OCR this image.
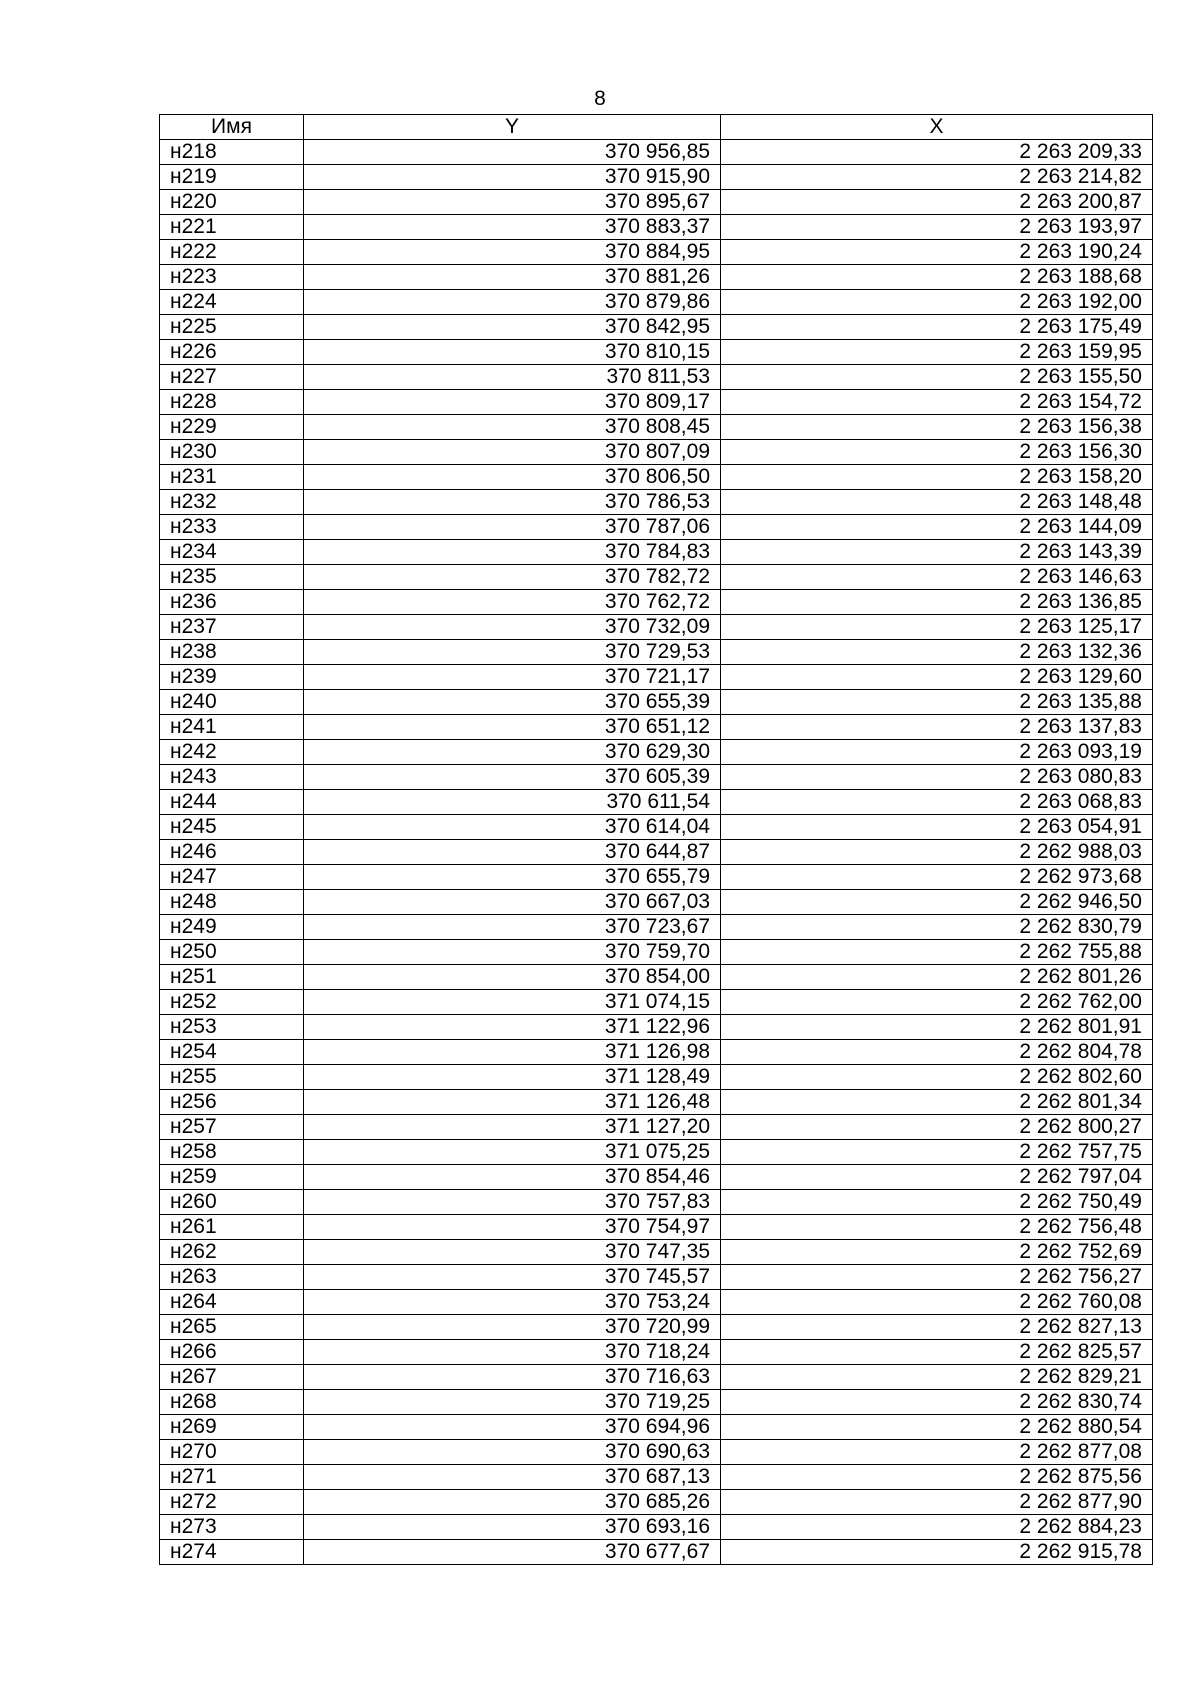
8
Имя	Y	X
н218	370 956,85	2 263 209,33
н219	370 915,90	2 263 214,82
н220	370 895,67	2 263 200,87
н221	370 883,37	2 263 193,97
н222	370 884,95	2 263 190,24
н223	370 881,26	2 263 188,68
н224	370 879,86	2 263 192,00
н225	370 842,95	2 263 175,49
н226	370 810,15	2 263 159,95
н227	370 811,53	2 263 155,50
н228	370 809,17	2 263 154,72
н229	370 808,45	2 263 156,38
н230	370 807,09	2 263 156,30
н231	370 806,50	2 263 158,20
н232	370 786,53	2 263 148,48
н233	370 787,06	2 263 144,09
н234	370 784,83	2 263 143,39
н235	370 782,72	2 263 146,63
н236	370 762,72	2 263 136,85
н237	370 732,09	2 263 125,17
н238	370 729,53	2 263 132,36
н239	370 721,17	2 263 129,60
н240	370 655,39	2 263 135,88
н241	370 651,12	2 263 137,83
н242	370 629,30	2 263 093,19
н243	370 605,39	2 263 080,83
н244	370 611,54	2 263 068,83
н245	370 614,04	2 263 054,91
н246	370 644,87	2 262 988,03
н247	370 655,79	2 262 973,68
н248	370 667,03	2 262 946,50
н249	370 723,67	2 262 830,79
н250	370 759,70	2 262 755,88
н251	370 854,00	2 262 801,26
н252	371 074,15	2 262 762,00
н253	371 122,96	2 262 801,91
н254	371 126,98	2 262 804,78
н255	371 128,49	2 262 802,60
н256	371 126,48	2 262 801,34
н257	371 127,20	2 262 800,27
н258	371 075,25	2 262 757,75
н259	370 854,46	2 262 797,04
н260	370 757,83	2 262 750,49
н261	370 754,97	2 262 756,48
н262	370 747,35	2 262 752,69
н263	370 745,57	2 262 756,27
н264	370 753,24	2 262 760,08
н265	370 720,99	2 262 827,13
н266	370 718,24	2 262 825,57
н267	370 716,63	2 262 829,21
н268	370 719,25	2 262 830,74
н269	370 694,96	2 262 880,54
н270	370 690,63	2 262 877,08
н271	370 687,13	2 262 875,56
н272	370 685,26	2 262 877,90
н273	370 693,16	2 262 884,23
н274	370 677,67	2 262 915,78
